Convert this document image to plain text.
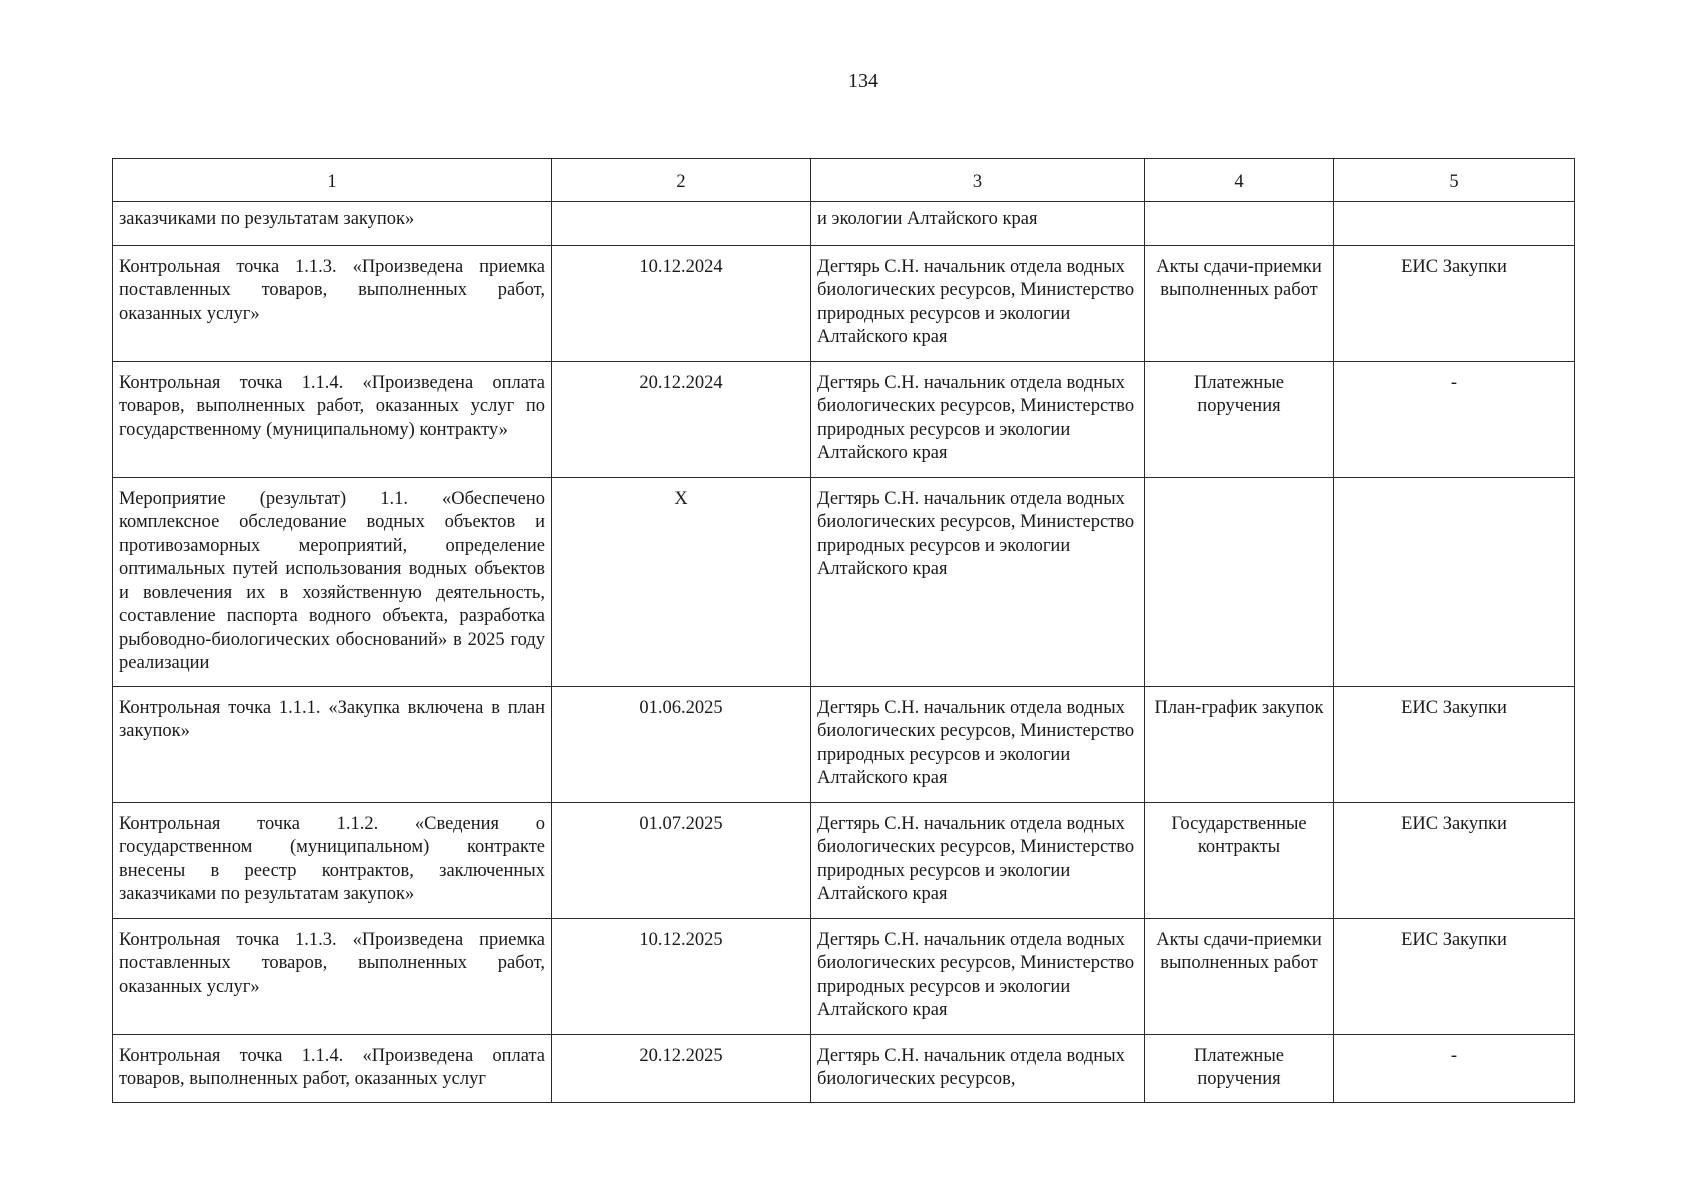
134
1	2	3	4	5
заказчиками по результатам закупок»		и экологии Алтайского края		
Контрольная точка 1.1.3. «Произведена приемка поставленных товаров, выполненных работ, оказанных услуг»	10.12.2024	Дегтярь С.Н. начальник отдела водных биологических ресурсов, Министерство природных ресурсов и экологии Алтайского края	Акты сдачи-приемки выполненных работ	ЕИС Закупки
Контрольная точка 1.1.4. «Произведена оплата товаров, выполненных работ, оказанных услуг по государственному (муниципальному) контракту»	20.12.2024	Дегтярь С.Н. начальник отдела водных биологических ресурсов, Министерство природных ресурсов и экологии Алтайского края	Платежные поручения	-
Мероприятие (результат) 1.1. «Обеспечено комплексное обследование водных объектов и противозаморных мероприятий, определение оптимальных путей использования водных объектов и вовлечения их в хозяйственную деятельность, составление паспорта водного объекта, разработка рыбоводно-биологических обоснований» в 2025 году реализации	X	Дегтярь С.Н. начальник отдела водных биологических ресурсов, Министерство природных ресурсов и экологии Алтайского края		
Контрольная точка 1.1.1. «Закупка включена в план закупок»	01.06.2025	Дегтярь С.Н. начальник отдела водных биологических ресурсов, Министерство природных ресурсов и экологии Алтайского края	План-график закупок	ЕИС Закупки
Контрольная точка 1.1.2. «Сведения о государственном (муниципальном) контракте внесены в реестр контрактов, заключенных заказчиками по результатам закупок»	01.07.2025	Дегтярь С.Н. начальник отдела водных биологических ресурсов, Министерство природных ресурсов и экологии Алтайского края	Государственные контракты	ЕИС Закупки
Контрольная точка 1.1.3. «Произведена приемка поставленных товаров, выполненных работ, оказанных услуг»	10.12.2025	Дегтярь С.Н. начальник отдела водных биологических ресурсов, Министерство природных ресурсов и экологии Алтайского края	Акты сдачи-приемки выполненных работ	ЕИС Закупки
Контрольная точка 1.1.4. «Произведена оплата товаров, выполненных работ, оказанных услуг	20.12.2025	Дегтярь С.Н. начальник отдела водных биологических ресурсов,	Платежные поручения	-
